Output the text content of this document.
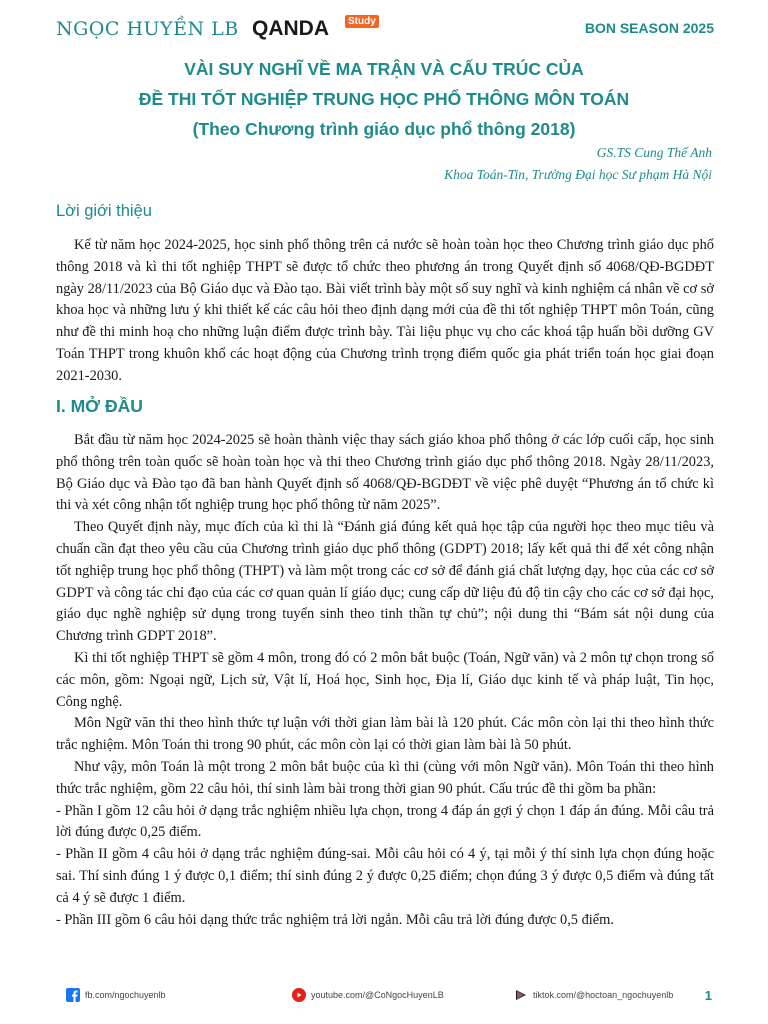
NGỌC HUYỀN LB QANDA	Study	BON SEASON 2025
VÀI SUY NGHĨ VỀ MA TRẬN VÀ CẤU TRÚC CỦA
ĐỀ THI TỐT NGHIỆP TRUNG HỌC PHỔ THÔNG MÔN TOÁN
(Theo Chương trình giáo dục phổ thông 2018)
GS.TS Cung Thế Anh
Khoa Toán-Tin, Trường Đại học Sư phạm Hà Nội
Lời giới thiệu

Kể từ năm học 2024-2025, học sinh phổ thông trên cả nước sẽ hoàn toàn học theo Chương trình giáo dục phổ thông 2018 và kì thi tốt nghiệp THPT sẽ được tổ chức theo phương án trong Quyết định số 4068/QĐ-BGDĐT ngày 28/11/2023 của Bộ Giáo dục và Đào tạo. Bài viết trình bày một số suy nghĩ và kinh nghiệm cá nhân về cơ sở khoa học và những lưu ý khi thiết kế các câu hỏi theo định dạng mới của đề thi tốt nghiệp THPT môn Toán, cũng như đề thi minh hoạ cho những luận điểm được trình bày. Tài liệu phục vụ cho các khoá tập huấn bồi dưỡng GV Toán THPT trong khuôn khổ các hoạt động của Chương trình trọng điểm quốc gia phát triển toán học giai đoạn 2021-2030.

I. MỞ ĐẦU

Bắt đầu từ năm học 2024-2025 sẽ hoàn thành việc thay sách giáo khoa phổ thông ở các lớp cuối cấp, học sinh phổ thông trên toàn quốc sẽ hoàn toàn học và thi theo Chương trình giáo dục phổ thông 2018. Ngày 28/11/2023, Bộ Giáo dục và Đào tạo đã ban hành Quyết định số 4068/QĐ-BGDĐT về việc phê duyệt “Phương án tổ chức kì thi và xét công nhận tốt nghiệp trung học phổ thông từ năm 2025”.

Theo Quyết định này, mục đích của kì thi là “Đánh giá đúng kết quả học tập của người học theo mục tiêu và chuẩn cần đạt theo yêu cầu của Chương trình giáo dục phổ thông (GDPT) 2018; lấy kết quả thi để xét công nhận tốt nghiệp trung học phổ thông (THPT) và làm một trong các cơ sở để đánh giá chất lượng dạy, học của các cơ sở GDPT và công tác chỉ đạo của các cơ quan quản lí giáo dục; cung cấp dữ liệu đủ độ tin cậy cho các cơ sở đại học, giáo dục nghề nghiệp sử dụng trong tuyển sinh theo tinh thần tự chủ”; nội dung thi “Bám sát nội dung của Chương trình GDPT 2018”.

Kì thi tốt nghiệp THPT sẽ gồm 4 môn, trong đó có 2 môn bắt buộc (Toán, Ngữ văn) và 2 môn tự chọn trong số các môn, gồm: Ngoại ngữ, Lịch sử, Vật lí, Hoá học, Sinh học, Địa lí, Giáo dục kinh tế và pháp luật, Tin học, Công nghệ.

Môn Ngữ văn thi theo hình thức tự luận với thời gian làm bài là 120 phút. Các môn còn lại thi theo hình thức trắc nghiệm. Môn Toán thi trong 90 phút, các môn còn lại có thời gian làm bài là 50 phút.

Như vậy, môn Toán là một trong 2 môn bắt buộc của kì thi (cùng với môn Ngữ văn). Môn Toán thi theo hình thức trắc nghiệm, gồm 22 câu hỏi, thí sinh làm bài trong thời gian 90 phút. Cấu trúc đề thi gồm ba phần:

- Phần I gồm 12 câu hỏi ở dạng trắc nghiệm nhiều lựa chọn, trong 4 đáp án gợi ý chọn 1 đáp án đúng. Mỗi câu trả lời đúng được 0,25 điểm.

- Phần II gồm 4 câu hỏi ở dạng trắc nghiệm đúng-sai. Mỗi câu hỏi có 4 ý, tại mỗi ý thí sinh lựa chọn đúng hoặc sai. Thí sinh đúng 1 ý được 0,1 điểm; thí sinh đúng 2 ý được 0,25 điểm; chọn đúng 3 ý được 0,5 điểm và đúng tất cả 4 ý sẽ được 1 điểm.

- Phần III gồm 6 câu hỏi dạng thức trắc nghiệm trả lời ngắn. Mỗi câu trả lời đúng được 0,5 điểm.

fb.com/ngochuyenlb	youtube.com/@CoNgocHuyenLB	tiktok.com/@hoctoan_ngochuyenlb 1
